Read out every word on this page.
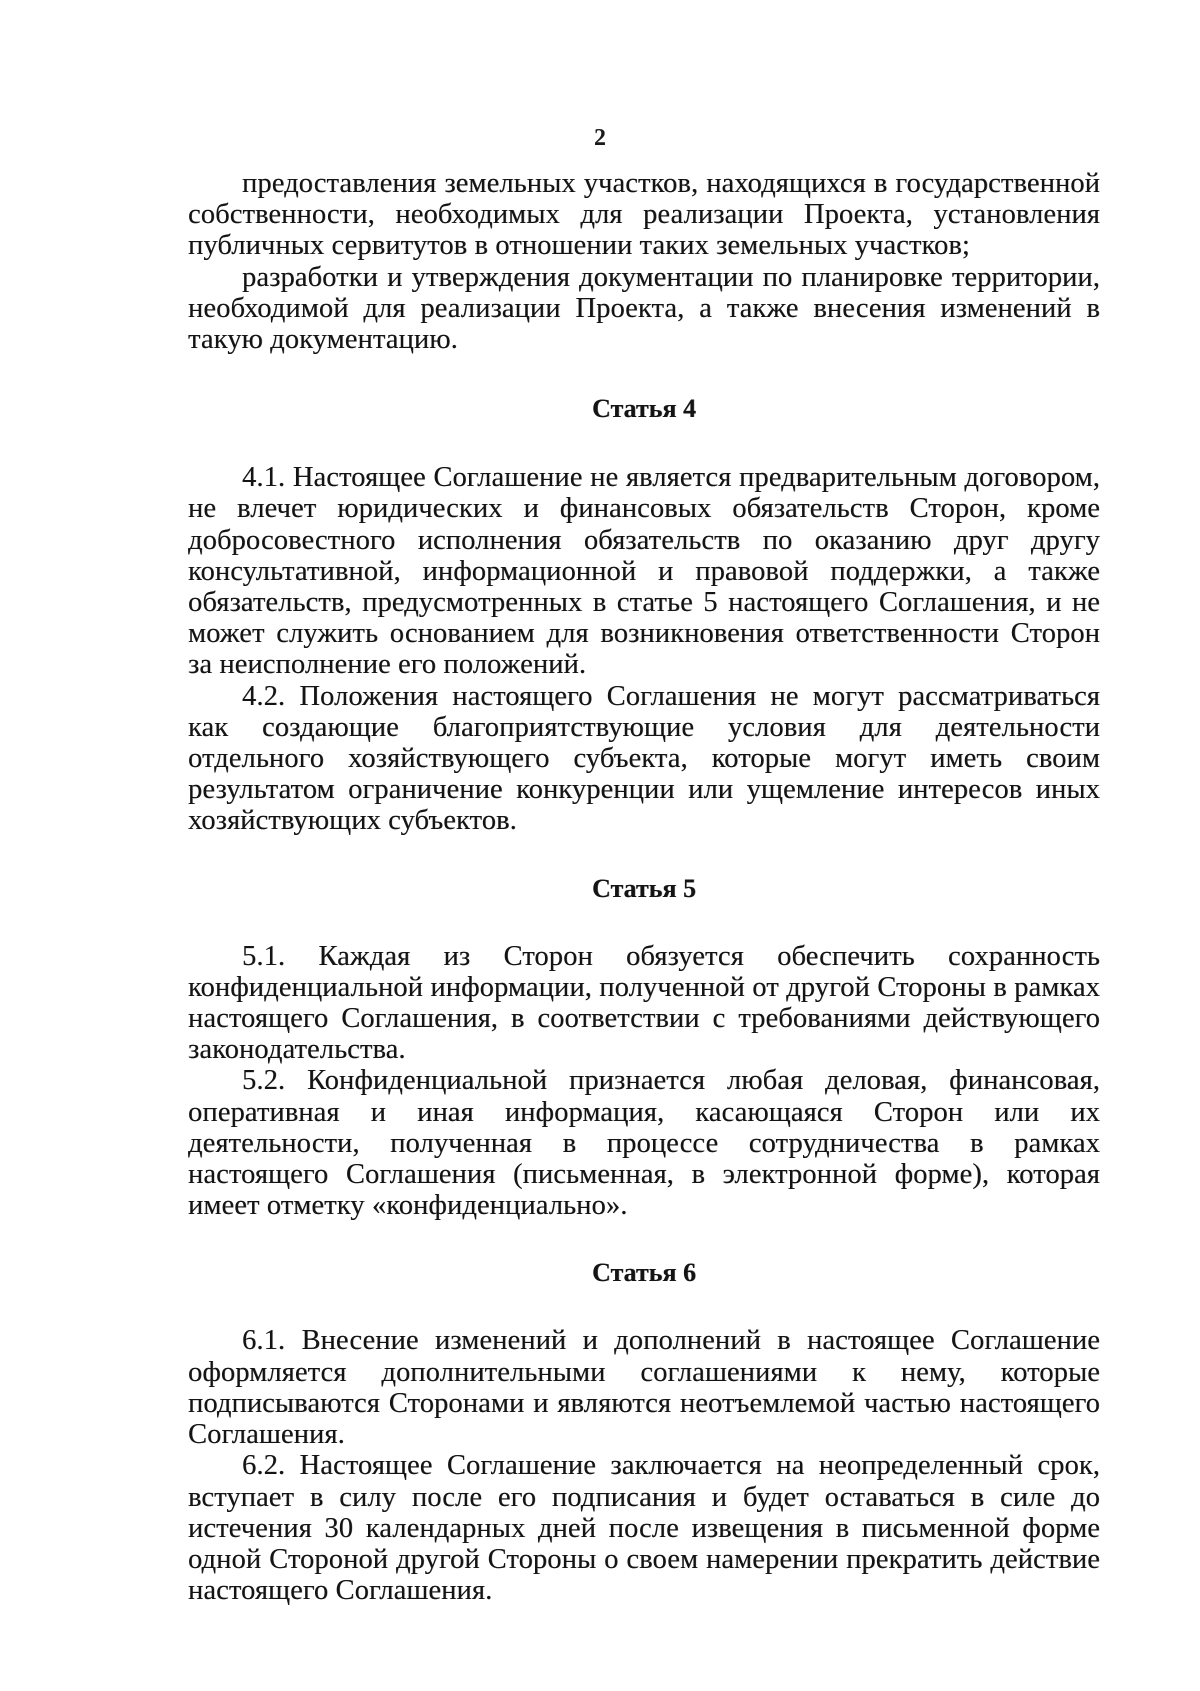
2

предоставления земельных участков, находящихся в государственной собственности, необходимых для реализации Проекта, установления публичных сервитутов в отношении таких земельных участков;

разработки и утверждения документации по планировке территории, необходимой для реализации Проекта, а также внесения изменений в такую документацию.

Статья 4

4.1. Настоящее Соглашение не является предварительным договором, не влечет юридических и финансовых обязательств Сторон, кроме добросовестного исполнения обязательств по оказанию друг другу консультативной, информационной и правовой поддержки, а также обязательств, предусмотренных в статье 5 настоящего Соглашения, и не может служить основанием для возникновения ответственности Сторон за неисполнение его положений.

4.2. Положения настоящего Соглашения не могут рассматриваться как создающие благоприятствующие условия для деятельности отдельного хозяйствующего субъекта, которые могут иметь своим результатом ограничение конкуренции или ущемление интересов иных хозяйствующих субъектов.

Статья 5

5.1. Каждая из Сторон обязуется обеспечить сохранность конфиденциальной информации, полученной от другой Стороны в рамках настоящего Соглашения, в соответствии с требованиями действующего законодательства.

5.2. Конфиденциальной признается любая деловая, финансовая, оперативная и иная информация, касающаяся Сторон или их деятельности, полученная в процессе сотрудничества в рамках настоящего Соглашения (письменная, в электронной форме), которая имеет отметку «конфиденциально».

Статья 6

6.1. Внесение изменений и дополнений в настоящее Соглашение оформляется дополнительными соглашениями к нему, которые подписываются Сторонами и являются неотъемлемой частью настоящего Соглашения.

6.2. Настоящее Соглашение заключается на неопределенный срок, вступает в силу после его подписания и будет оставаться в силе до истечения 30 календарных дней после извещения в письменной форме одной Стороной другой Стороны о своем намерении прекратить действие настоящего Соглашения.
